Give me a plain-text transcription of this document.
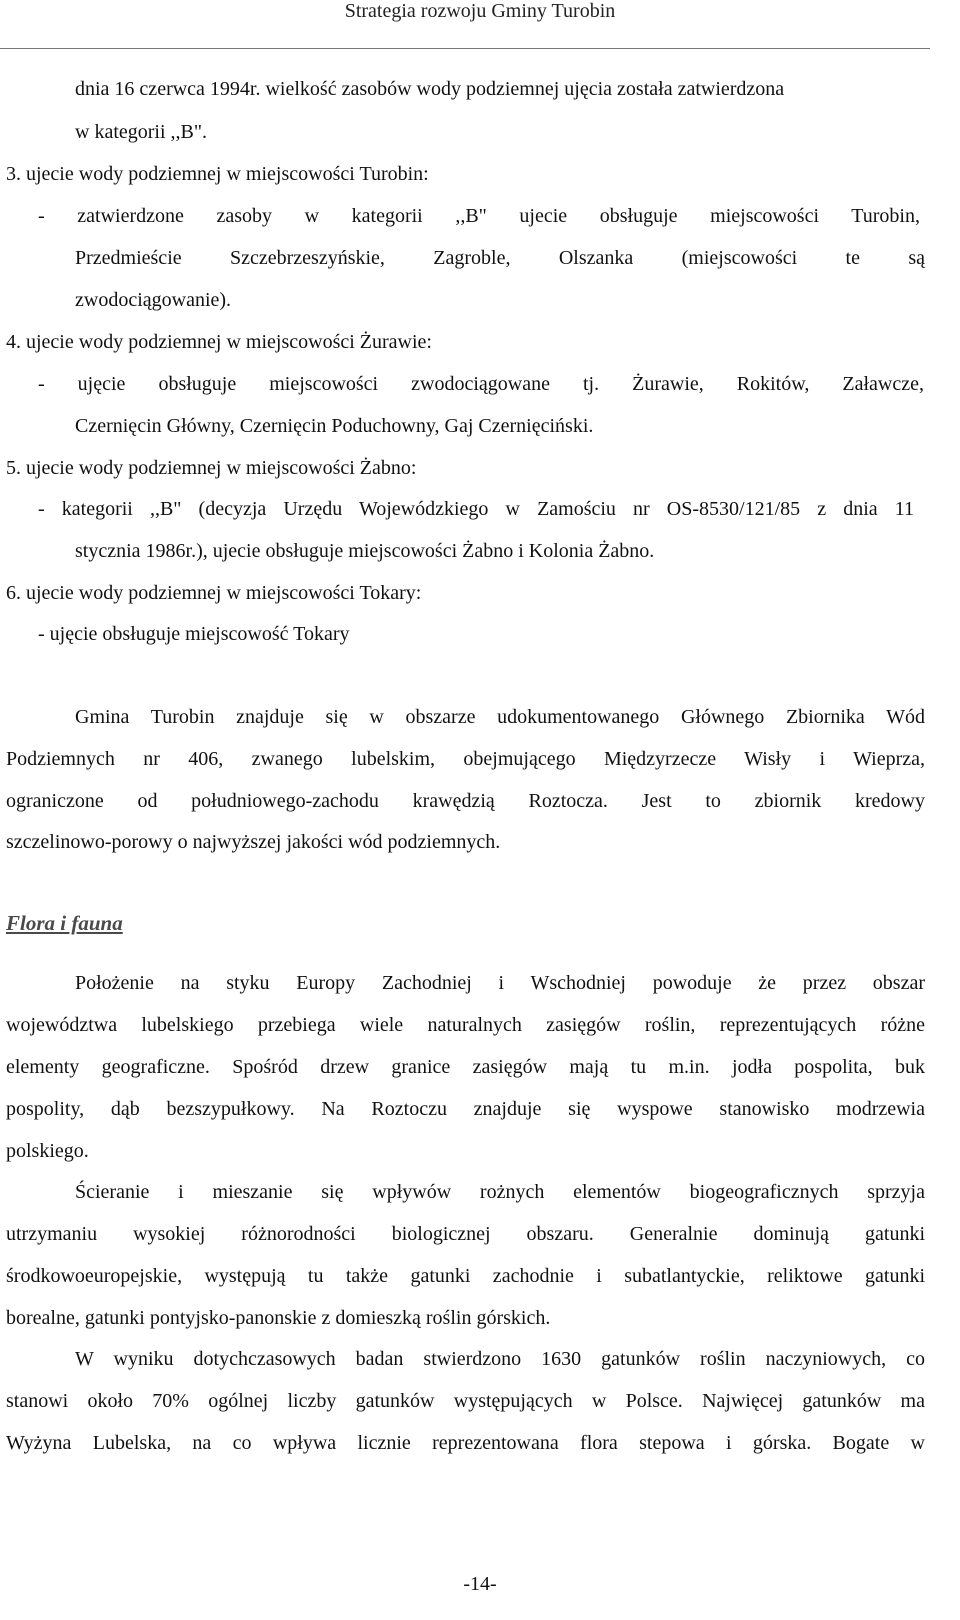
Strategia rozwoju Gminy Turobin
dnia 16 czerwca 1994r. wielkość zasobów wody podziemnej ujęcia została zatwierdzona
w kategorii ,,B".
3. ujecie wody podziemnej w miejscowości Turobin:
- zatwierdzone zasoby w kategorii ,,B" ujecie obsługuje miejscowości Turobin,
Przedmieście Szczebrzeszyńskie, Zagroble, Olszanka (miejscowości te są
zwodociągowanie).
4. ujecie wody podziemnej w miejscowości Żurawie:
- ujęcie obsługuje miejscowości zwodociągowane tj. Żurawie, Rokitów, Załawcze,
Czernięcin Główny, Czernięcin Poduchowny, Gaj Czernięciński.
5. ujecie wody podziemnej w miejscowości Żabno:
- kategorii ,,B" (decyzja Urzędu Wojewódzkiego w Zamościu nr OS-8530/121/85 z dnia 11
stycznia 1986r.), ujecie obsługuje miejscowości Żabno i Kolonia Żabno.
6. ujecie wody podziemnej w miejscowości Tokary:
- ujęcie obsługuje miejscowość Tokary
Gmina Turobin znajduje się w obszarze udokumentowanego Głównego Zbiornika Wód
Podziemnych nr 406, zwanego lubelskim, obejmującego Międzyrzecze Wisły i Wieprza,
ograniczone od południowego-zachodu krawędzią Roztocza. Jest to zbiornik kredowy
szczelinowo-porowy o najwyższej jakości wód podziemnych.
Flora i fauna
Położenie na styku Europy Zachodniej i Wschodniej powoduje że przez obszar
województwa lubelskiego przebiega wiele naturalnych zasięgów roślin, reprezentujących różne
elementy geograficzne. Spośród drzew granice zasięgów mają tu m.in. jodła pospolita, buk
pospolity, dąb bezszypułkowy. Na Roztoczu znajduje się wyspowe stanowisko modrzewia
polskiego.
Ścieranie i mieszanie się wpływów rożnych elementów biogeograficznych sprzyja
utrzymaniu wysokiej różnorodności biologicznej obszaru. Generalnie dominują gatunki
środkowoeuropejskie, występują tu także gatunki zachodnie i subatlantyckie, reliktowe gatunki
borealne, gatunki pontyjsko-panonskie z domieszką roślin górskich.
W wyniku dotychczasowych badan stwierdzono 1630 gatunków roślin naczyniowych, co
stanowi około 70% ogólnej liczby gatunków występujących w Polsce. Najwięcej gatunków ma
Wyżyna Lubelska, na co wpływa licznie reprezentowana flora stepowa i górska. Bogate w
-14-
